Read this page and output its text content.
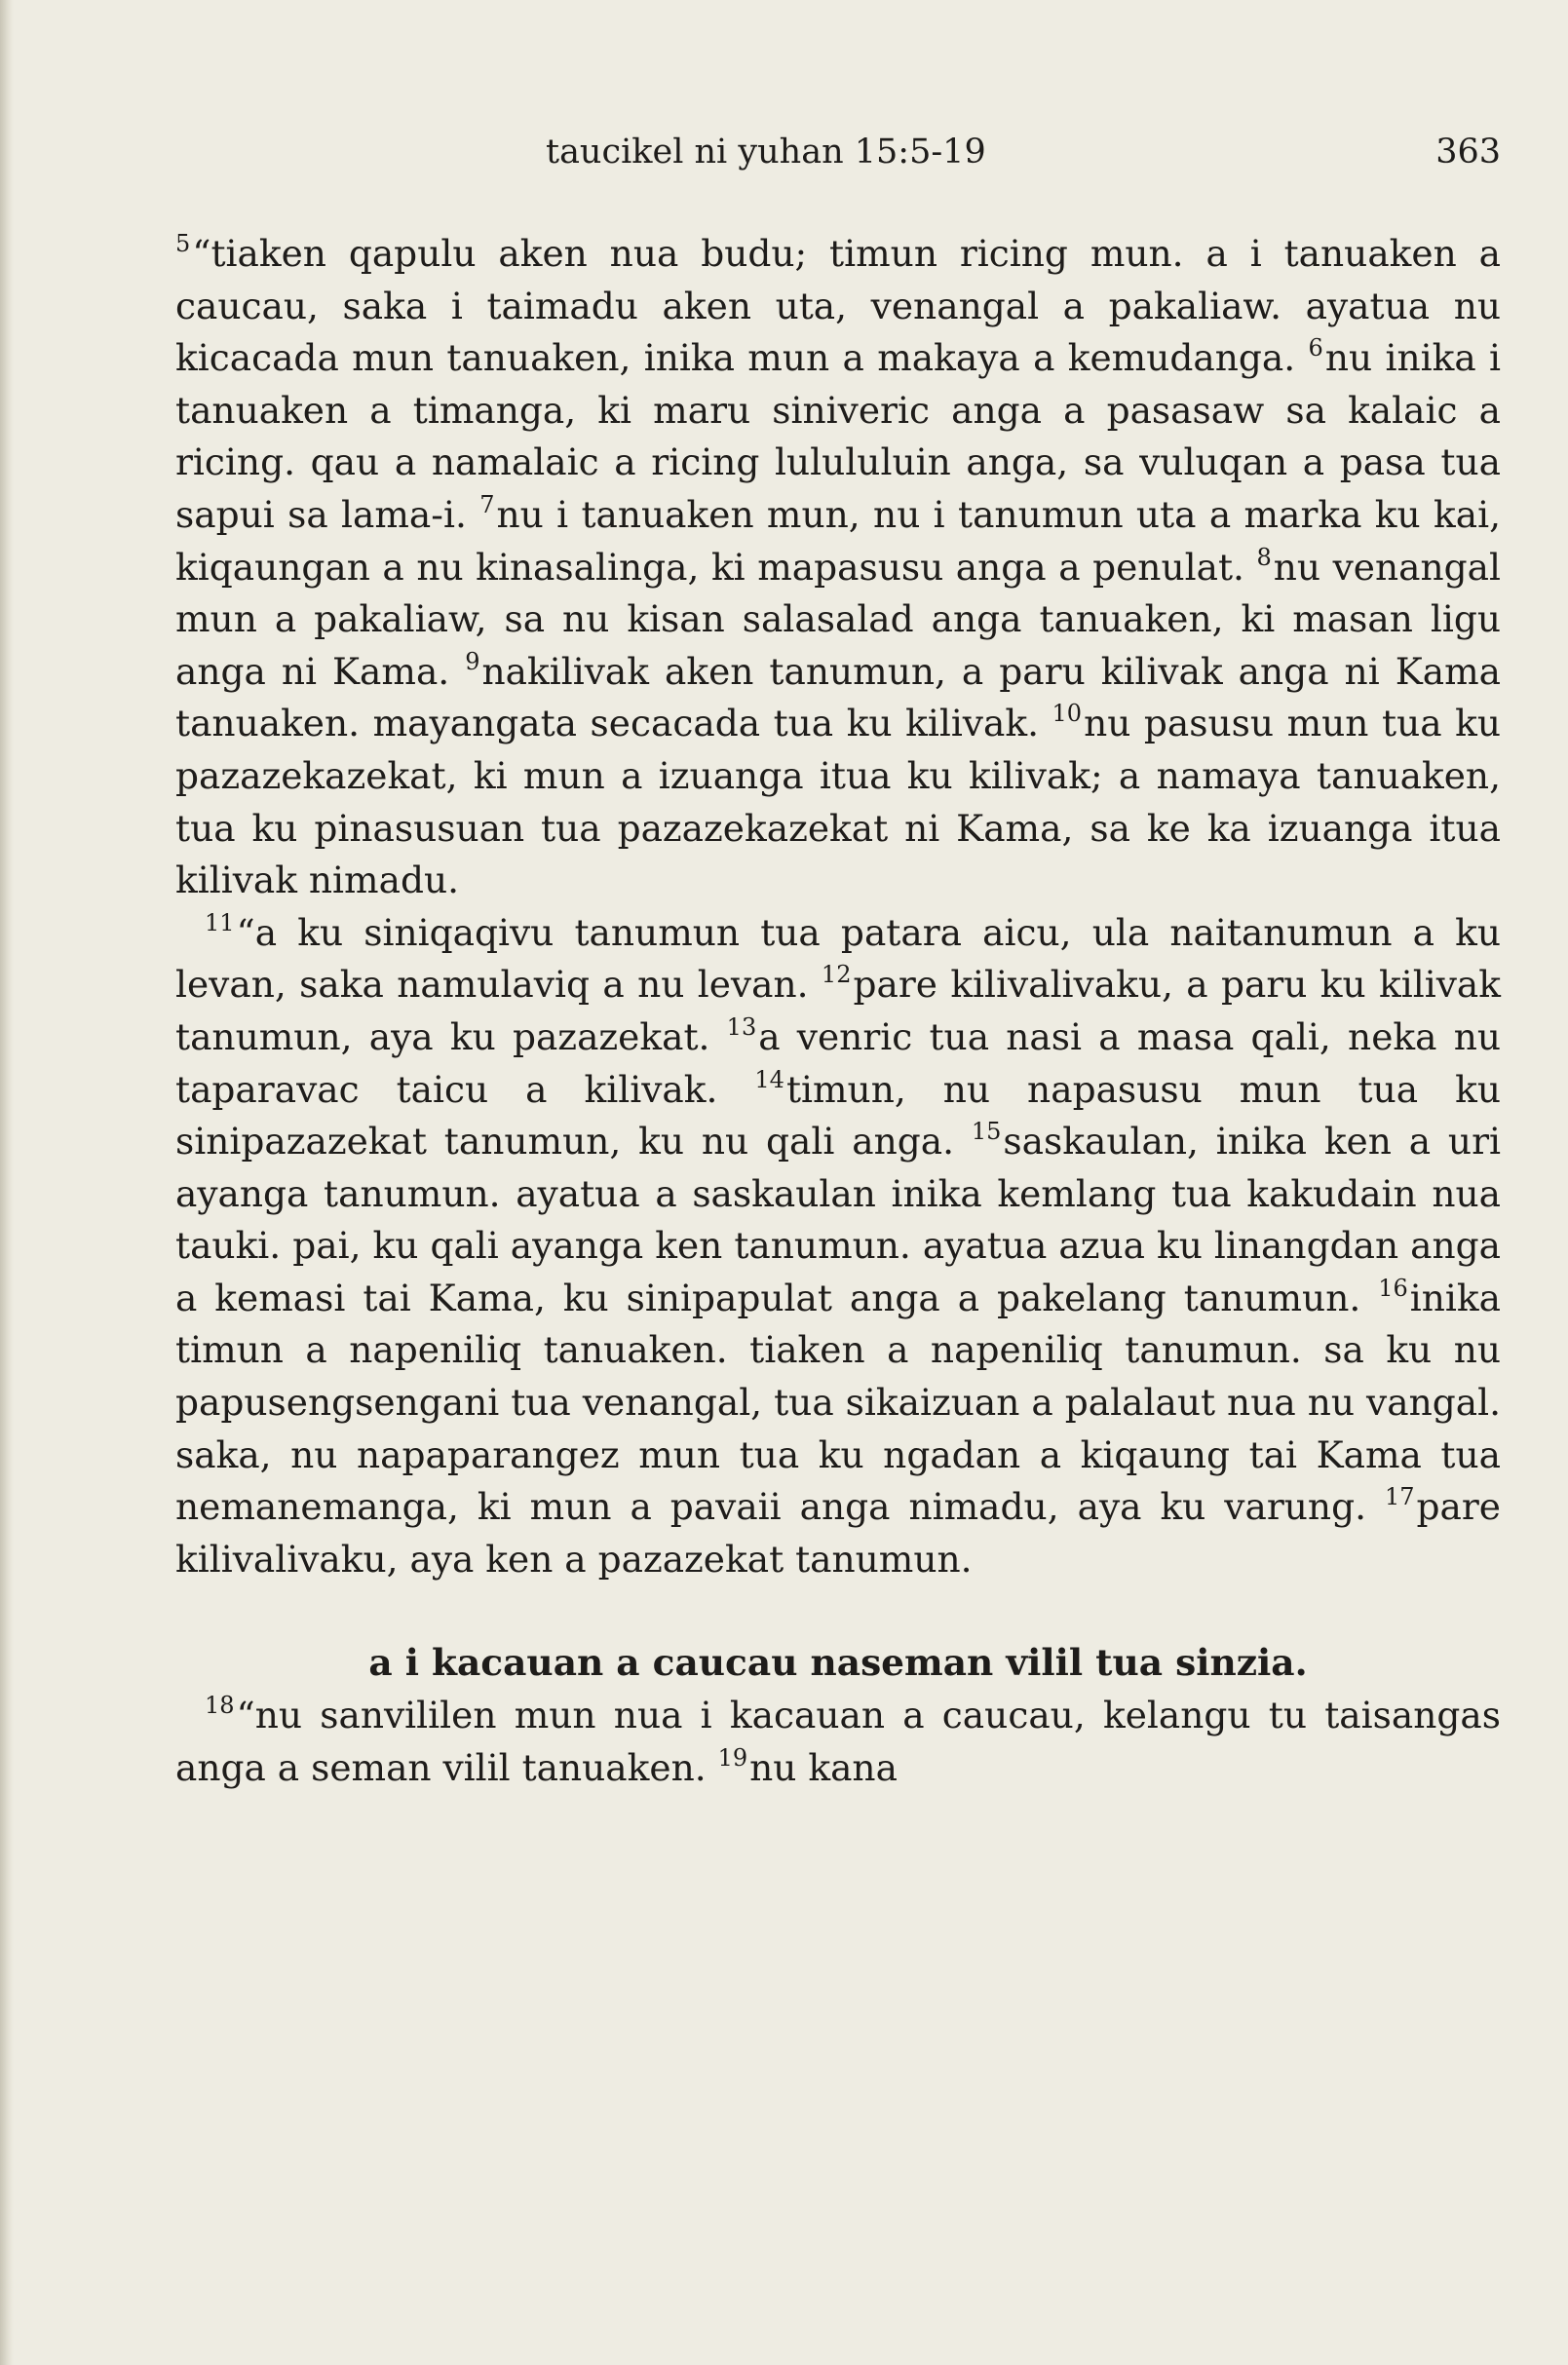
taucikel ni yuhan 15:5-19	363

$^5$“tiaken qapulu aken nua budu; timun ricing mun. a i tanuaken a caucau, saka i taimadu aken uta, venangal a pakaliaw. ayatua nu kicacada mun tanuaken, inika mun a makaya a kemudanga. $^6$nu inika i tanuaken a timanga, ki maru siniveric anga a pasasaw sa kalaic a ricing. qau a namalaic a ricing lulululuin anga, sa vuluqan a pasa tua sapui sa lama-i. $^7$nu i tanuaken mun, nu i tanumun uta a marka ku kai, kiqaungan a nu kinasalinga, ki mapasusu anga a penulat. $^8$nu venangal mun a pakaliaw, sa nu kisan salasalad anga tanuaken, ki masan ligu anga ni Kama. $^9$nakilivak aken tanumun, a paru kilivak anga ni Kama tanuaken. mayangata secacada tua ku kilivak. $^{10}$nu pasusu mun tua ku pazazekazekat, ki mun a izuanga itua ku kilivak; a namaya tanuaken, tua ku pinasusuan tua pazazekazekat ni Kama, sa ke ka izuanga itua kilivak nimadu.

$^{11}$“a ku siniqaqivu tanumun tua patara aicu, ula naitanumun a ku levan, saka namulaviq a nu levan. $^{12}$pare kilivalivaku, a paru ku kilivak tanumun, aya ku pazazekat. $^{13}$a venric tua nasi a masa qali, neka nu taparavac taicu a kilivak. $^{14}$timun, nu napasusu mun tua ku sinipazazekat tanumun, ku nu qali anga. $^{15}$saskaulan, inika ken a uri ayanga tanumun. ayatua a saskaulan inika kemlang tua kakudain nua tauki. pai, ku qali ayanga ken tanumun. ayatua azua ku linangdan anga a kemasi tai Kama, ku sinipapulat anga a pakelang tanumun. $^{16}$inika timun a napeniliq tanuaken. tiaken a napeniliq tanumun. sa ku nu papusengsengani tua venangal, tua sikaizuan a palalaut nua nu vangal. saka, nu napaparangez mun tua ku ngadan a kiqaung tai Kama tua nemanemanga, ki mun a pavaii anga nimadu, aya ku varung. $^{17}$pare kilivalivaku, aya ken a pazazekat tanumun.

a i kacauan a caucau naseman vilil tua sinzia.

$^{18}$“nu sanvililen mun nua i kacauan a caucau, kelangu tu taisangas anga a seman vilil tanuaken. $^{19}$nu kana
